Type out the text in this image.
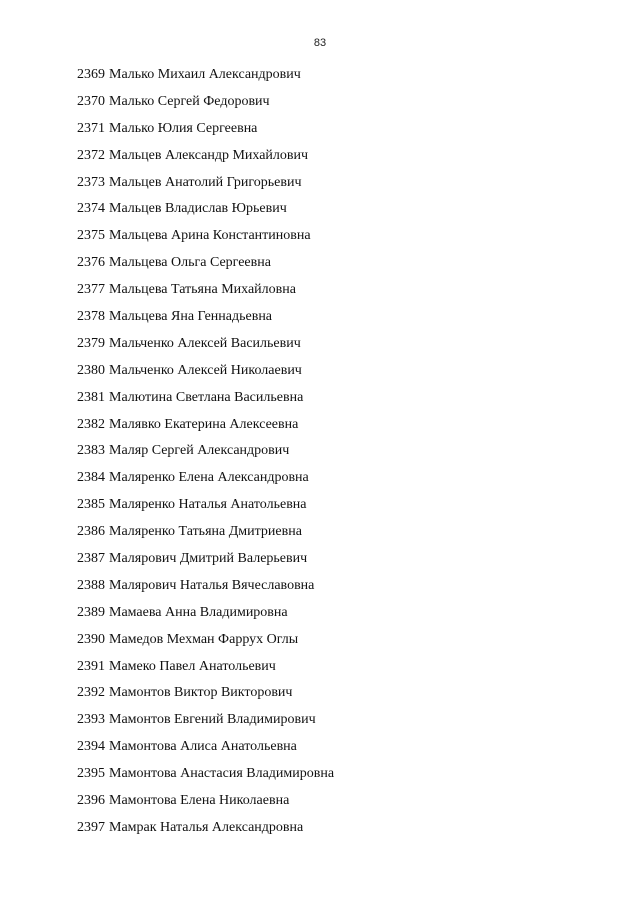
83
2369 Малько Михаил Александрович
2370 Малько Сергей Федорович
2371 Малько Юлия Сергеевна
2372 Мальцев Александр Михайлович
2373 Мальцев Анатолий Григорьевич
2374 Мальцев Владислав Юрьевич
2375 Мальцева Арина Константиновна
2376 Мальцева Ольга Сергеевна
2377 Мальцева Татьяна Михайловна
2378 Мальцева Яна Геннадьевна
2379 Мальченко Алексей Васильевич
2380 Мальченко Алексей Николаевич
2381 Малютина Светлана Васильевна
2382 Малявко Екатерина Алексеевна
2383 Маляр Сергей Александрович
2384 Маляренко Елена Александровна
2385 Маляренко Наталья Анатольевна
2386 Маляренко Татьяна Дмитриевна
2387 Малярович Дмитрий Валерьевич
2388 Малярович Наталья Вячеславовна
2389 Мамаева Анна Владимировна
2390 Мамедов Мехман Фаррух Оглы
2391 Мамеко Павел Анатольевич
2392 Мамонтов Виктор Викторович
2393 Мамонтов Евгений Владимирович
2394 Мамонтова Алиса Анатольевна
2395 Мамонтова Анастасия Владимировна
2396 Мамонтова Елена Николаевна
2397 Мамрак Наталья Александровна
